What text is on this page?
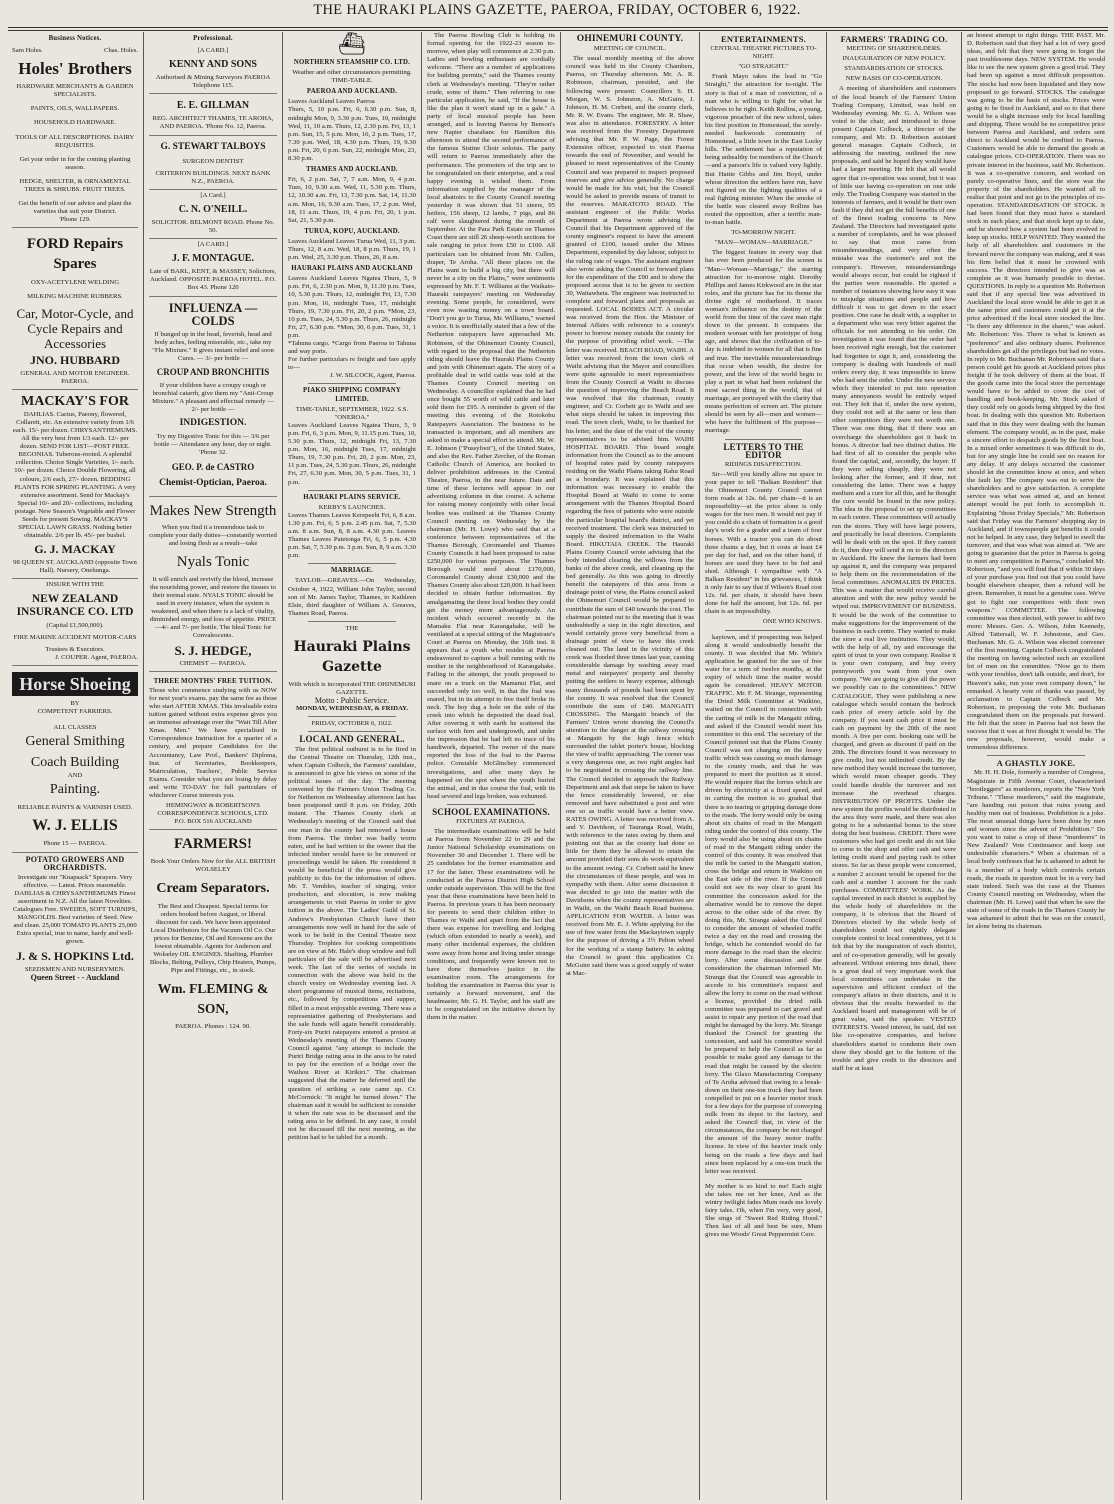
THE HAURAKI PLAINS GAZETTE, PAEROA, FRIDAY, OCTOBER 6, 1922.
Business Notices.
Sam Holes.	Chas. Holes.
Holes' Brothers
HARDWARE MERCHANTS & GARDEN SPECIALISTS.
PAINTS, OILS, WALLPAPERS.
HOUSEHOLD HARDWARE.
TOOLS OF ALL DESCRIPTIONS. DAIRY REQUISITES.
Get your order in for the coming planting season.
HEDGE, SHELTER, & ORNAMENTAL TREES & SHRUBS. FRUIT TREES.
Get the benefit of our advice and plant the varieties that suit your District.
'Phone 129.
FORD Repairs Spares
OXY-ACETYLENE WELDING
MILKING MACHINE RUBBERS.
Car, Motor-Cycle, and Cycle Repairs and Accessories
JNO. HUBBARD
GENERAL AND MOTOR ENGINEER. PAEROA.
MACKAY'S FOR
DAHLIAS. Cactus, Paeony, flowered, Collarett, etc. An extensive variety from 1/6 each. 15/- per dozen. CHRYSANTHEMUMS. All the very best from 1/3 each. 12/- per dozen. SEND FOR LIST—POST FREE. BEGONIAS. Tuberous-rooted. A splendid collection. Choice Single Varieties, 1/- each. 10/- per dozen. Choice Double Flowering, all colours, 2/6 each, 27/- dozen. BEDDING PLANTS FOR SPRING PLANTING. A very extensive assortment. Send for Mackay's Special 10/- and 20/- collections, including postage. New Season's Vegetable and Flower Seeds for present Sowing. MACKAY'S SPECIAL LAWN GRASS. Nothing better obtainable. 2/6 per lb. 45/- per bushel.
G. J. MACKAY
98 QUEEN ST. AUCKLAND (opposite Town Hall). Nursery, Onehunga.
INSURE WITH THE
NEW ZEALAND INSURANCE CO. LTD
(Capital £1,500,000).
FIRE MARINE ACCIDENT MOTOR-CARS
Trustees & Executors.
J. COUPER. Agent, PAEROA.
Horse Shoeing
BY
COMPETENT FARRIERS.
ALL CLASSES
General Smithing
Coach Building
AND
Painting.
RELIABLE PAINTS & VARNISH USED.
W. J. ELLIS
Phone 15 — PAEROA.
POTATO GROWERS AND ORCHARDISTS.
Investigate our "Knapsack" Sprayers. Very effective. — Latest. Prices reasonable. DAHLIAS & CHRYSANTHEMUMS Finest assortment in N.Z. All the latest Novelties. Catalogues Free. SWEDES, SOFT TURNIPS, MANGOLDS. Best varieties of Seed. New and clean. 25,000 TOMATO PLANTS 25,000 Extra special, true to name, hardy and well-grown.
J. & S. HOPKINS Ltd.
SEEDSMEN AND NURSERYMEN.
Queen Street - - Auckland
Professional.
[A CARD.]
KENNY AND SONS
Authorised & Mining Surveyors PAEROA Telephone 115.
E. E. GILLMAN
REG. ARCHITECT THAMES, TE AROHA, AND PAEROA. 'Phone No. 12, Paeroa.
G. STEWART TALBOYS
SURGEON DENTIST
CRITERION BUILDINGS. NEXT BANK N.Z., PAEROA.
[A Card.]
C. N. O'NEILL.
SOLICITOR. BELMONT ROAD. Phone No. 50.
[A CARD.]
J. F. MONTAGUE.
Late of BARL, KENT, & MASSEY, Solicitors, Auckland. OPPOSITE PAEROA HOTEL. P.O. Box 43. Phone 120
INFLUENZA — COLDS
If bunged up in the head, feverish, head and body aches, feeling miserable, etc., take my "Flu Mixture." It gives instant relief and soon Cures. — 3/- per bottle —
CROUP AND BRONCHITIS
If your children have a croupy cough or bronchial catarrh, give them my "Anti-Croup Mixture." A pleasant and effectual remedy — 2/- per bottle —
INDIGESTION.
Try my Digestive Tonic for this — 3/6 per bottle — Attendance any hour, day or night. 'Phone 32.
GEO. P. de CASTRO
Chemist-Optician, Paeroa.
Makes New Strength
When you find it a tremendous task to complete your daily duties—constantly worried and losing flesh as a result—take
Nyals Tonic
It will enrich and revivify the blood, increase the nourishing power, and restore the tissues to their normal state. NYALS TONIC should be used in every instance, when the system is weakened, and when there is a lack of vitality, diminished energy, and loss of appetite. PRICE—4/- and 7/- per bottle. The Ideal Tonic for Convalescents.
S. J. HEDGE,
CHEMIST — PAEROA.
THREE MONTHS' FREE TUITION.

Those who commence studying with us NOW for next year's exams. pay the same fee as those who start AFTER XMAS. This invaluable extra tuition gained without extra expense gives you an immense advantage over the "Wait Till After Xmas. Men." We have specialised in Correspondence Instruction for a quarter of a century, and prepare Candidates for the Accountancy, Law Prof., Bankers' Diploma, Inst. of Secretaries, Bookkeepers, Matriculation, Teachers', Public Service Exams. Consider what you are losing by delay and write TO-DAY for full particulars of whichever Course interests you.

HEMINGWAY & ROBERTSON'S CORRESPONDENCE SCHOOLS, LTD.
P.O. BOX 516 AUCKLAND
FARMERS!
Book Your Orders Now for the ALL BRITISH WOLSELEY
Cream Separators.
The Best and Cheapest. Special terms for orders booked before August, or liberal discount for cash. We have been appointed Local Distributors for the Vacuum Oil Co. Our prices for Benzine, Oil and Kerosene are the lowest obtainable. Agents for Anderson and Wolseley OIL ENGINES. Shafting, Plumber Blocks, Belting, Pulleys, Chip Heaters, Pumps, Pipe and Fittings, etc., in stock.
Wm. FLEMING & SON,
PAEROA. Phones : 124. 90.
⛴
NORTHERN STEAMSHIP CO. LTD.
Weather and other circumstances permitting. TIME-TABLE.
PAEROA AND AUCKLAND.
Leaves Auckland Leaves Paeroa
Thurs, 5, 10 p.m. Fri, 6, 6.30 p.m. Sun, 8, midnight Mon, 9, 3.30 p.m. Tues, 10, midnight Wed, 11, 10 a.m. Thurs, 12, 2.30 p.m. Fri, 13, 1 p.m. Sun, 15, 5 p.m. Mon, 16, 2 p.m. Tues, 17, 7.30 p.m. Wed, 18, 4.30 p.m. Thurs, 19, 9.30 p.m. Fri, 20, 6 p.m. Sun, 22, midnight Mon, 23, 8.30 p.m.
THAMES AND AUCKLAND.
Fri, 6, 2 p.m. Sat, 7, 7 a.m. Mon, 9, 4 p.m. Tues, 10, 9.30 a.m. Wed, 11, 5.30 p.m. Thurs, 12, 10.30 a.m. Fri, 13, 7.30 p.m. Sat, 14, 11.30 a.m. Mon, 16, 9.30 a.m. Tues, 17, 2 p.m. Wed, 18, 11 a.m. Thurs, 19, 4 p.m. Fri, 20, 1 p.m. Sat, 21, 5.30 p.m.
TURUA, KOPU, AUCKLAND.
Leaves Auckland Leaves Turua Wed, 11, 3 p.m. Thurs, 12, 8 a.m. Wed, 18, 8 p.m. Thurs, 19, 1 p.m. Wed, 25, 3.30 p.m. Thurs, 26, 8 a.m.
HAURAKI PLAINS AND AUCKLAND
Leaves Auckland Leaves Ngatea Thurs, 5, 9 p.m. Fri, 6, 2.30 p.m. Mon, 9, 11.30 p.m. Tues, 10, 5.30 p.m. Thurs, 12, midnight Fri, 13, 7.30 p.m. Mon, 16, midnight Tues, 17, midnight Thurs, 19, 7.30 p.m. Fri, 20, 2 p.m. *Mon, 23, 10 p.m. Tues, 24, 5.30 p.m. Thurs, 26, midnight Fri, 27, 6.30 p.m. *Mon, 30, 6 p.m. Tues, 31, 1 p.m.
*Tahuna cargo. *Cargo from Paeroa to Tahuna and way ports.
For further particulars re freight and fare apply to—
J. W. SILCOCK, Agent, Paeroa.
PIAKO SHIPPING COMPANY LIMITED.
TIME-TABLE, SEPTEMBER, 1922. S.S. "ONEROA."
Leaves Auckland Leaves Ngatea Thurs, 5, 9 p.m. Fri, 6, 3 p.m. Mon, 9, 11.15 p.m. Tues, 10, 5.30 p.m. Thurs, 12, midnight Fri, 13, 7.30 p.m. Mon, 16, midnight Tues, 17, midnight Thurs, 19, 7.30 p.m. Fri, 20, 2 p.m. Mon, 23, 11 p.m. Tues, 24, 5.30 p.m. Thurs, 26, midnight Fri, 27, 6.30 p.m. Mon, 30, 5 p.m. Tues, 31, 1 p.m.
HAURAKI PLAINS SERVICE.
KERBY'S LAUNCHES.
Leaves Thames Leaves Kerepeehi Fri, 6, 8 a.m. 1.30 p.m. Fri, 6, 5 p.m. 2.45 p.m. Sat, 7, 5.30 a.m. 8 a.m. Sun, 8, 8 a.m. 4.30 p.m. Leaves Thames Leaves Patetonga Fri, 6, 5 p.m. 4.30 p.m. Sat, 7, 5.30 p.m. 3 p.m. Sun, 8, 9 a.m. 3.30 p.m.
MARRIAGE.

TAYLOR—GREAVES.—On Wednesday, October 4, 1922, William John Taylor, second son of Mr. James Taylor, Thames, to Kathleen Elsie, third daughter of William A. Greaves, Thames Road, Paeroa.

THE
Hauraki Plains Gazette
With which is incorporated THE OHINEMURI GAZETTE.
Motto : Public Service.
MONDAY, WEDNESDAY, & FRIDAY.
FRIDAY, OCTOBER 6, 1922.
LOCAL AND GENERAL.

The first political outburst is to be fired in the Central Theatre on Thursday, 12th inst., when Captain Colbeck, the Farmers' candidate, is announced to give his views on some of the political issues of the day. The meeting convened by the Farmers Union Trading Co. for Netherton on Wednesday afternoon last has been postponed until 8 p.m. on Friday, 20th instant. The Thames County clerk at Wednesday's meeting of the Council said that one man in the county had removed a house from Paeroa. The timber was badly worm eaten, and he had written to the owner that the infected timber would have to be removed or proceedings would be taken. He considered it would be beneficial if the press would give publicity to this for the information of others. Mr. T. Vembles, teacher of singing, voice production, and elocution, is now making arrangements to visit Paeroa in order to give tuition in the above. The Ladies' Guild of St. Andrew's Presbyterian Church have their arrangements now well in hand for the sale of work to be held in the Central Theatre next Thursday. Trophies for cooking competitions are on view at Mr. Hale's shop window and full particulars of the sale will be advertised next week. The last of the series of socials in connection with the above was held in the church vestry on Wednesday evening last. A short programme of musical items, recitations, etc., followed by competitions and supper, filled in a most enjoyable evening. There was a representative gathering of Presbyterians and the sale funds will again benefit considerably. Forty-six Puriri ratepayers entered a protest at Wednesday's meeting of the Thames County Council against "any attempt to include the Puriri Bridge rating area in the area to be rated to pay for the erection of a bridge over the Waihou River at Kirikiri." The chairman suggested that the matter be deferred until the question of striking a rate came up. Cr. McCormick: "It might be turned down." The chairman said it would be sufficient to consider it when the rate was to be discussed and the rating area to be defined. In any case, it could not be discussed till the next meeting, as the petition had to be tabled for a month.

The Paeroa Bowling Club is holding its formal opening for the 1922-23 season to-morrow, when play will commence at 2.30 p.m. Ladies and bowling enthusiasts are cordially welcome. "There are a number of applications for building permits," said the Thames county clerk at Wednesday's meeting. "They're rather crude, some of them." Then referring to one particular application, he said, "If the house is like the plan it won't stand up in a gale." A party of local musical people has been arranged, and is leaving Paeroa by Benson's new Napier charabanc for Hamilton this afternoon to attend the second performance of the famous Sistine Choir soloists. The party will return to Paeroa immediately after the performance. The promoters of the trip are to be congratulated on their enterprise, and a real happy evening is wished them. From information supplied by the manager of the local abattoirs to the County Council meeting yesterday it was shown that 51 steers, 95 heifers, 156 sheep, 12 lambs, 7 pigs, and 86 calf were slaughtered during the month of September. At the Para Park Estate on Thames Coast there are still 26 sheep-worth sections for sale ranging in price from £50 to £100. All particulars can be obtained from Mr. Cullen, draper, Te Aroha. "All these places on the Plains want to build a big city, but there will never be a city on the Plains," were sentiments expressed by Mr. F. T. Williams at the Waikato-Hauraki ratepayers' meeting on Wednesday evening. Some people, he considered, were even now wasting money on a town board. "Don't you go to Turua, Mr. Williams," warned a voice. It is unofficially stated that a few of the Netherton ratepayers have approached Mr. Robinson, of the Ohinemuri County Council, with regard to the proposal that the Netherton riding should leave the Hauraki Plains County and join with Ohinemuri again. The story of a profitable deal in wild cattle was told at the Thames County Council meeting on Wednesday. A councillor explained that he had once bought 55 worth of wild cattle and later sold them for £95. A reminder is given of the meeting this evening of the Rotokohu Ratepayers Association. The business to be transacted is important, and all members are asked to make a special effort to attend. Mr. W. E. Johnson ("Pussyfoot"), of the United States, and also the Rev. Father Zercher, of the Roman Catholic Church of America, are booked to deliver prohibition addresses in the Central Theatre, Paeroa, in the near future. Date and time of these lectures will appear in our advertising columns in due course. A scheme for raising money conjointly with other local bodies was outlined at the Thames County Council meeting on Wednesday by the chairman (Mr. H. Lowe) who said that at a conference between representatives of the Thames Borough, Coromandel and Thames County Councils it had been proposed to raise £250,000 for various purposes. The Thames Borough would need about £170,000, Coromandel County about £30,000 and the Thames County also about £20,000. It had been decided to obtain further information. By amalgamating the three local bodies they could get the money more advantageously. An incident which occurred recently in the Mamaku Flat near Karangahake, will be ventilated at a special sitting of the Magistrate's Court at Paeroa on Monday, the 16th inst. It appears that a youth who resides at Paeroa endeavoured to capture a bull running with its mother in the neighbourhood of Karangahake. Failing in the attempt, the youth proposed to snare on a truck on the Mamanui Flat, and succeeded only too well, in that the foal was snared, but in its attempt to free itself broke its neck. The boy dug a hole on the side of the creek into which he deposited the dead foal. After covering it with earth he scattered the surface with fern and undergrowth, and under the impression that he had left no trace of his handiwork, departed. The owner of the mare reported the loss of the foal to the Paeroa police. Constable McGlinchey commenced investigations, and after many days he happened on the spot where the youth buried the animal, and in due course the foal, with its head severed and legs broken, was exhumed.

SCHOOL EXAMINATIONS.
FIXTURES AT PAEROA.

The intermediate examinations will be held at Paeroa from November 22 to 29 and the Junior National Scholarship examinations on November 30 and December 1. There will be 25 candidates for the former examination and 17 for the latter. These examinations will be conducted at the Paeroa District High School under outside supervision. This will be the first year that these examinations have been held in Paeroa. In previous years it has been necessary for parents to send their children either to Thames or Waihi and apart from the fact that there was expense for travelling and lodging (which often extended to nearly a week), and many other incidental expenses, the children were away from home and living under strange conditions, and frequently were known not to have done themselves justice in the examination room. The arrangements for holding the examination in Paeroa this year is certainly a forward movement, and the headmaster, Mr. G. H. Taylor, and his staff are to be congratulated on the initiative shown by them in the matter.

OHINEMURI COUNTY.
MEETING OF COUNCIL.

The usual monthly meeting of the above council was held in the County Chambers, Paeroa, on Thursday afternoon. Mr. A. R. Robinson, chairman, presided, and the following were present: Councillors S. H. Morgan, W. S. Johnston, A. McGuire, J. Johnson, H. M. Corbett, and the county clerk, Mr. R. W. Evans. The engineer, Mr. R. Shaw, was also in attendance. FORESTRY. A letter was received from the Forestry Department advising that Mr. P. W. Page, the Forest Extension officer, expected to visit Paeroa towards the end of November, and would be pleased to meet representatives of the County Council and was prepared to inspect proposed reserves and give advice generally. No charge would be made for his visit, but the Council would be asked to provide means of transit to the reserves. MARATOTO ROAD. The assistant engineer of the Public Works Department at Paeroa wrote advising the Council that his Department approved of the county engineer's request to have the amount granted of £100, issued under the Mines Department, expended by day labour, subject to the ruling rate of wages. The assistant engineer also wrote asking the Council to forward plans for the expenditure of the £90 and to show the proposed access that is to be given to section 30, Waitawheta. The engineer was instructed to complete and forward plans and proposals as requested. LOCAL BODIES ACT. A circular was received from the Hon. the Minister of Internal Affairs with reference to a county's power to borrow money outside the county for the purpose of providing relief work. —The letter was received. BEACH ROAD, WAIHI. A letter was received from the town clerk of Waihi advising that the Mayor and councillors were quite agreeable to meet representatives from the County Council at Waihi to discuss the question of improving the Beach Road. It was resolved that the chairman, county engineer, and Cr. Corbett go to Waihi and see what steps should be taken in improving this road. The town clerk, Waihi, to be thanked for his letter, and the date of the visit of the county representatives to be advised him. WAIHI HOSPITAL BOARD. This board sought information from the Council as to the amount of hospital rates paid by county ratepayers residing on the Waihi Plains taking Rahu Road as a boundary. It was explained that this information was necessary to enable the Hospital Board at Waihi to come to some arrangement with the Thames Hospital Board regarding the fees of patients who were outside the particular hospital board's district, and yet received treatment. The clerk was instructed to supply the desired information to the Waihi Board. HIKUTAIA CREEK. The Hauraki Plains County Council wrote advising that the body intended clearing the willows from the banks of the above creek, and cleaning up the bed generally. As this was going to directly benefit the ratepayers of this area from a drainage point of view, the Plains council asked the Ohinemuri Council would be prepared to contribute the sum of £40 towards the cost. The chairman pointed out to the meeting that it was undoubtedly a step in the right direction, and would certainly prove very beneficial from a drainage point of view to have this creek cleaned out. The land in the vicinity of this creek was flooded three times last year, causing considerable damage by washing away road metal and ratepayers' property and thereby putting the settlers to heavy expense, although many thousands of pounds had been spent by the county. It was resolved that the Council contribute the sum of £40. MANGAITI CROSSING. The Mangaiti branch of the Farmers' Union wrote drawing the Council's attention to the danger at the railway crossing at Mangaiti by the high fence which surrounded the tablet porter's house, blocking the view of traffic approaching. The corner was a very dangerous one, as two right angles had to be negotiated in crossing the railway line. The Council decided to approach the Railway Department and ask that steps be taken to have the fence considerably lowered, or else removed and have substituted a post and wire one so as traffic would have a better view. RATES OWING. A letter was received from A. and V. Davidson, of Tauranga Road, Waihi, with reference to the rates owing by them and pointing out that as the county had done so little for them they be allowed to retain the amount provided their sons do work equivalent to the amount owing. Cr. Corbett said he knew the circumstances of these people, and was in sympathy with them. After some discussion it was decided to go into the matter with the Davidsons when the county representatives are in Waihi, on the Waihi Beach Road business. APPLICATION FOR WATER. A letter was received from Mr. E. J. White applying for the use of free water from the Mackaytown supply for the purpose of driving a 3½ Pelton wheel for the working of a stamp battery. In asking the Council to grant this application Cr. McGuire said there was a good supply of water at Mac-

ENTERTAINMENTS.
CENTRAL THEATRE PICTURES TO-NIGHT.
"GO STRAIGHT."

Frank Mayo takes the lead in "Go Straight," the attraction for to-night. The story is that of a man of conviction, of a man who is willing to fight for what he believes to be right. Keith Rollins, a young, vigorous preacher of the new school, takes his first position in Homestead, the sorely-needed backwoods community of Homestead, a little town in the East Lucky hills. The settlement has a reputation of being unhealthy for members of the Church—and a parson's life is valued very lightly. But Hattie Gibbs and Jim Boyd, under whose direction the settlers have run, have not figured on the fighting qualities of a real fighting minister. When the smoke of the battle was cleared away Rollins has routed the opposition, after a terrific man-to-man battle.

TO-MORROW NIGHT.
"MAN—WOMAN—MARRIAGE."

The biggest feature in every way that has ever been produced for the screen is "Man—Woman—Marriage," the starring attraction for to-morrow night. Dorothy Phillips and James Kirkwood are in the star roles, and the picture has for its theme the divine right of motherhood. It traces woman's influence on the destiny of the world from the time of the cave man right down to the present. It compares the modern woman with her prototype of long ago, and shows that the civilization of to-day is indebted to women for all that is fine and true. The inevitable misunderstandings that occur when wealth, the desire for power, and the love of the world begin to play a part in what had been ordained the most sacred thing in the world, that of marriage, are portrayed with the clarity that means perfection of screen art. The picture should be seen by all—men and women—who have the fulfilment of His purpose—marriage.

LETTERS TO THE EDITOR
RIDINGS DISAFFECTION.

Sir—Will you kindly allow me space in your paper to tell "Balkan Resident" that the Ohinemuri County Council cannot form roads at 12s. 6d. per chain—it is an impossibility—at the price alone is only wages for the two men. It would not pay if you could do a chain of formation is a good day's work for a grader and a team of four horses. With a tractor you can do about three chains a day, but it costs at least £4 per day for fuel, and on the other hand, if horses are used they have to be fed and shod. Although I sympathise with "A Balkan Resident" in his grievances, I think it only fair to say that if Wilson's Road cost 12s. 6d. per chain, it should have been done for half the amount, but 12s. 6d. per chain is an impossibility.

ONE WHO KNOWS.

kaytown, and if prospecting was helped along it would undoubtedly benefit the county. It was decided that Mr. White's application be granted for the use of free water for a term of twelve months, at the expiry of which time the matter would again be considered. HEAVY MOTOR TRAFFIC. Mr. F. M. Strange, representing the Dried Milk Committee at Waikino, waited on the Council in connection with the carting of milk in the Mangaiti riding, and asked if the Council would meet his committee to this end. The secretary of the Council pointed out that the Plains County Council was not charging on the heavy traffic which was causing so much damage to the county roads, and that he was prepared to meet the position as it stood. He would require that the lorries which are driven by electricity at a fixed speed, and in carting the motion is so gradual that there is no tearing or gripping damage done to the roads. The lorry would only be using about six chains of road in the Mangaiti riding under the control of this county. The lorry would also be using about six chains of road in the Mangaiti riding under the control of this county. It was resolved that the milk be carted in the Mangaiti station, cross the bridge and return in Waikino on the East side of the river. If the Council could not see its way clear to grant his committee the concession asked for the alternative would be to remove the depot across to the other side of the river. By doing this, Mr. Strange asked the Council to consider the amount of wheeled traffic twice a day on the road and crossing the bridge, which he contended would do far more damage to the road than the electric lorry. After some discussion and due consideration the chairman informed Mr. Strange that the Council was agreeable to accede to his committee's request and allow the lorry to come on the road without a license, provided the dried milk committee was prepared to cart gravel and assist to repair any portion of the road that might be damaged by the lorry. Mr. Strange thanked the Council for granting the concession, and said his committee would be prepared to help the Council as far as possible to make good any damage to the road that might be caused by the electric lorry. The Glaxo Manufacturing Company of Te Aroha advised that owing to a break-down on their one-ton truck they had been compelled to put on a heavier motor truck for a few days for the purpose of conveying milk from its depot to the factory, and asked the Council that, in view of the circumstances, the company be not charged the amount of the heavy motor traffic license. In view of the heavier truck only being on the roads a few days and had since been replaced by a one-ton truck the letter was received.

My mother is so kind to me! Each night she takes me on her knee, And as the wintry twilight fades Mum reads me lovely fairy tales. Oh, when I'm very, very good, She sings of "Sweet Red Riding Hood." Then last of all and best be sure, Mum gives me Woods' Great Peppermint Cure.

FARMERS' TRADING CO.
MEETING OF SHAREHOLDERS.
INAUGURATION OF NEW POLICY.
STANDARDISATION OF STOCKS.
NEW BASIS OF CO-OPERATION.

A meeting of shareholders and customers of the local branch of the Farmers' Union Trading Company, Limited, was held on Wednesday evening. Mr. G. A. Wilson was voted to the chair, and introduced to those present Captain Colbeck, a director of the company, and Mr. D. Robertson assistant general manager. Captain Colbeck, in addressing the meeting, outlined the new proposals, and said he hoped they would have had a larger meeting. He felt that all would agree that co-operation was sound, but it was of little use having co-operation on one side only. The Trading Company was started in the interests of farmers, and it would be their own fault if they did not get the full benefits of one of the finest trading concerns in New Zealand. The Directors had investigated quite a number of complaints, and he was pleased to say that most came from misunderstandings, and very often the mistake was the customer's and not the company's. However, misunderstandings would always occur, but could be righted if the parties were reasonable. He quoted a number of instances showing how easy it was to misjudge situations and people and how difficult it was to get down to the exact position. One case he dealt with, a supplier to a department who was very bitter against the officials for not attending to his order. On investigation it was found that the order had been received right enough, but the customer had forgotten to sign it, and, considering the company is dealing with hundreds of mail orders every day, it was impossible to know who had sent the order. Under the new service which they intended to put into operation many annoyances would be entirely wiped out. They felt that if, under the new system, they could not sell at the same or less than other competitors they were not worth one. There was one thing, that if there was an overcharge the shareholders got it back in bonus. A director had two distinct duties. He had first of all to consider the people who found the capital, and, secondly, the buyer. If they were selling cheaply, they were not looking after the former, and if dear, not considering the latter. There was a happy medium and a cure for all this, and he thought the cure would be found in the new policy. The idea in the proposal to set up committees in each centre. These committees will actually run the stores. They will have large powers, and practically be local directors. Complaints will be dealt with on the spot. If they cannot do it, then they will send it on to the directors in Auckland. He knew the farmers had been up against it, and the company was prepared to help them on the recommendation of the local committees. ANOMALIES IN PRICES. This was a matter that would receive careful attention and with the new policy would be wiped out. IMPROVEMENT OF BUSINESS. It would be the work of the committee to make suggestions for the improvement of the business in each centre. They wanted to make the store a real live institution. They would, with the help of all, try and encourage the spirit of trust in your own company. Realise it is your own company, and buy every pennyworth you want from your own company. "We are going to give all the power we possibly can to the committees." NEW CATALOGUE. They were publishing a new catalogue which would contain the bedrock cash price of every article sold by the company. If you want cash price it must be cash on payment by the 20th of the next month. A five per cent. booking rate will be charged, and given as discount if paid on the 20th. The directors found it was necessary to give credit, but not unlimited credit. By the new method they would increase the turnover, which would mean cheaper goods. They could handle double the turnover and not increase the overhead charges. DISTRIBUTION OF PROFITS. Under the new system the profits would be distributed in the area they were made, and there was also going to be a substantial bonus to the store doing the best business. CREDIT. There were customers who had got credit and do not like to come to the shop and offer cash and were letting credit stand and paying cash to other stores. So far as these people were concerned, a number 2 account would be opened for the cash and a number 1 account for the cash purchases. COMMITTEES' WORK. As the capital invested in each district is supplied by the whole body of shareholders in the company, it is obvious that the Board of Directors elected by the whole body of shareholders could not rightly delegate complete control to local committees, yet it is felt that by the inauguration of each district, and of co-operation generally, will be greatly advanced. Without entering into detail, there is a great deal of very important work that local committees can undertake in the supervision and efficient conduct of the company's affairs in their districts, and it is obvious that the results forwarded to the Auckland board and management will be of great value, said the speaker. VESTED INTERESTS. Vested interest, he said, did not like co-operative companies, and before shareholders started to condemn their own show they should get to the bottom of the trouble and give credit to the directors and staff for at least

an honest attempt to right things. THE PAST. Mr. D. Robertson said that they had a lot of very good ideas, and felt that they were going to forget the past troublesome days. NEW SYSTEM. He would like to see the new system given a good trial. They had been up against a most difficult proposition. The stocks had now been liquidated and they now proposed to go forward. STOCKS. The catalogue was going to be the basis of stocks. Prices were going to be fixed in Auckland, and so to that there would be a slight increase only for local handling and shipping. There would be no competitive price between Paeroa and Auckland, and orders sent direct to Auckland would be credited to Paeroa. Customers would be able to demand the goods at catalogue prices. CO-OPERATION. There was no private interest in the business, said Mr. Robertson. It was a co-operative concern, and worked on purely co-operative lines, and the store was the property of the shareholders. He wanted all to realise that point and not go to the principles of co-operation. STANDARDISATION OF STOCK. It had been found that they must have a standard stock in each place, and that stock kept up to date, and he showed how a system had been evolved to keep up stocks. HELP WANTED. They wanted the help of all shareholders and customers in the forward move the company was making, and it was his firm belief that it must be crowned with success. The directors intended to give was as complete as it was humanly possible to devise. QUESTIONS. In reply to a question Mr. Robertson said that if any special line was advertised in Auckland the local store would be able to get it at the same price and customers could get it at the price advertised if the local store stocked the line. "Is there any difference in the shares," was asked. Mr. Robertson: Yes. There is what is known as "preference" and also ordinary shares. Preference shareholders get all the privileges but had no votes. In reply to Mr. Buchanan Mr. Robertson said that a person could get his goods at Auckland prices plus freight if he took delivery of them at the boat. If the goods came into the local store the percentage would have to be added to cover the cost of handling and book-keeping. Mr. Stock asked if they could rely on goods being shipped by the first boat. In dealing with this question Mr. Robertson said that in this they were dealing with the human element. The company would, as in the past, make a sincere effort to despatch goods by the first boat. In a mixed order sometimes it was difficult to do, but for any single line he could see no reason for any delay. If any delays occurred the customer should let the committee know at once, and when the fault lay. The company was out to serve the shareholders and to give satisfaction. A complete service was what was aimed at, and an honest attempt would be put forth to accomplish it. Explaining "those Friday Specials," Mr. Robertson said that Friday was the Farmers' shopping day in Auckland, and if townspeople got benefits it could not be helped. In any case, they helped to swell the turnover, and that was what was aimed at. "We are going to guarantee that the price in Paeroa is going to meet any competition in Paeroa," concluded Mr. Robertson, "and you will find that if within 30 days of your purchase you find out that you could have bought elsewhere cheaper, then a refund will be given. Remember, it must be a genuine case. We've got to fight our competitors with their own weapons." COMMITTEE. The following committee was then elected, with power to add two more: Messrs. Geo. A. Wilson, John Kennedy, Alfred Tattersall, W. F. Johnstone, and Geo. Buchanan. Mr. G. A. Wilson was elected convener of the first meeting. Captain Colbeck congratulated the meeting on having selected such an excellent lot of men on the committee. "Now go to them with your troubles, don't talk outside, and don't, for Heaven's sake, run your own company down," he remarked. A hearty vote of thanks was passed, by acclamation to Captain Colbeck and Mr. Robertson, in proposing the vote Mr. Buchanan congratulated them on the proposals put forward. He felt that the store in Paeroa had not been the success that it was at first thought it would be. The new proposals, however, would make a tremendous difference.

A GHASTLY JOKE.

Mr. H. H. Dole, formerly a member of Congress, Magistrate in Fifth Avenue Court, characterised "bootleggers" as murderers, reports the "New York Tribune." "These murderers," said the magistrate, "are handing out poison that ruins young and healthy men out of business. Prohibition is a joke. The most unusual things have been done by men and women since the advent of Prohibition." Do you want to raise a crop of these "murderers" in New Zealand? Vote Continuance and keep out undesirable characters.* When a chairman of a local body confesses that he is ashamed to admit he is a member of a body which controls certain roads, the roads in question must be in a very bad state indeed. Such was the case at the Thames County Council meeting on Wednesday, when the chairman (Mr. H. Lowe) said that when he saw the state of some of the roads in the Thames County he was ashamed to admit that he was on the council, let alone being its chairman.
